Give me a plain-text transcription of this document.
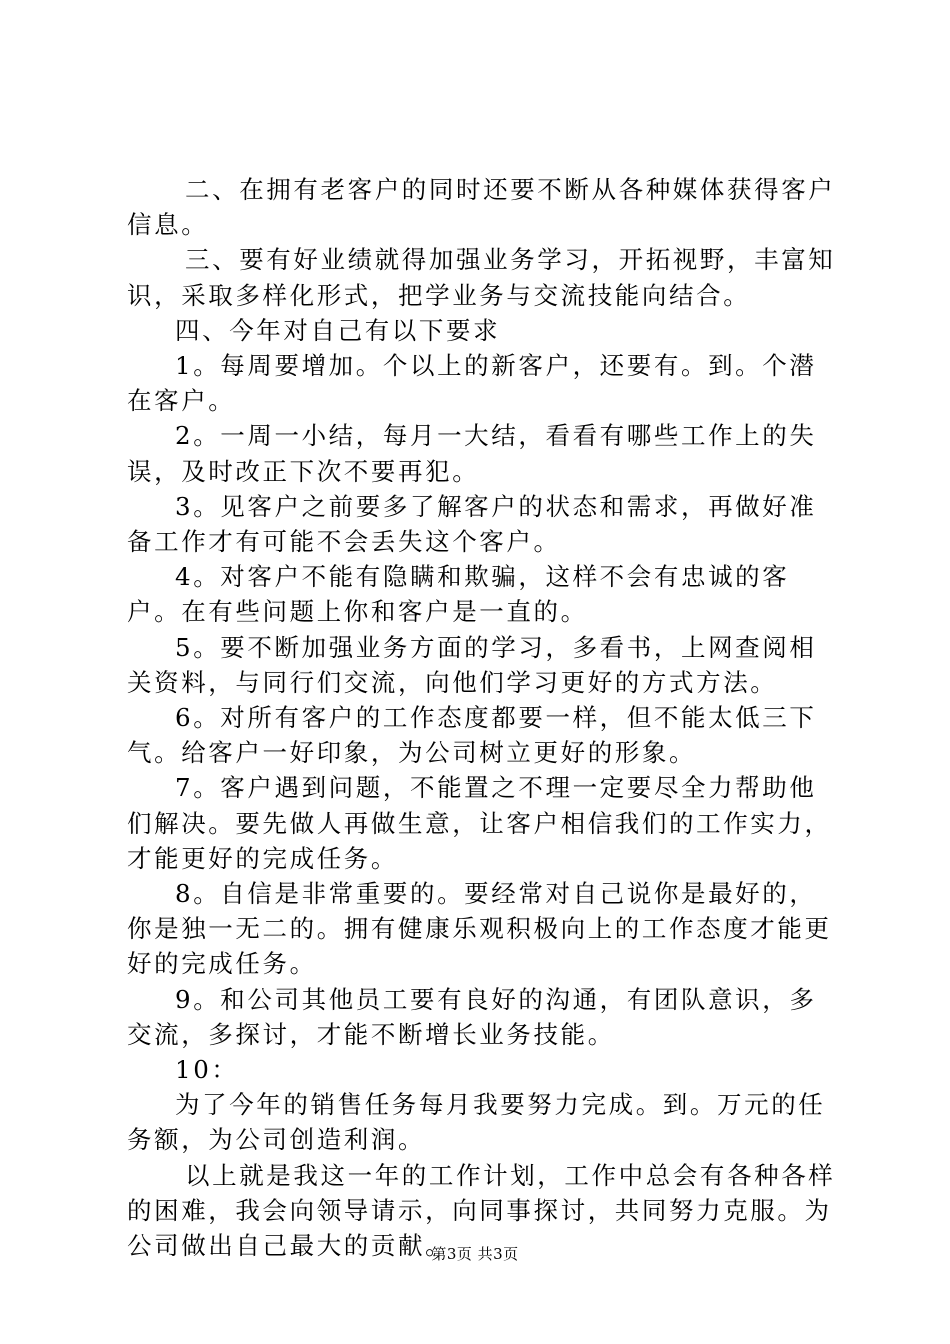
二、在拥有老客户的同时还要不断从各种媒体获得客户信息。

三、要有好业绩就得加强业务学习，开拓视野，丰富知识，采取多样化形式，把学业务与交流技能向结合。

四、今年对自己有以下要求

1。每周要增加。个以上的新客户，还要有。到。个潜在客户。

2。一周一小结，每月一大结，看看有哪些工作上的失误，及时改正下次不要再犯。

3。见客户之前要多了解客户的状态和需求，再做好准备工作才有可能不会丢失这个客户。

4。对客户不能有隐瞒和欺骗，这样不会有忠诚的客户。在有些问题上你和客户是一直的。

5。要不断加强业务方面的学习，多看书，上网查阅相关资料，与同行们交流，向他们学习更好的方式方法。

6。对所有客户的工作态度都要一样，但不能太低三下气。给客户一好印象，为公司树立更好的形象。

7。客户遇到问题，不能置之不理一定要尽全力帮助他们解决。要先做人再做生意，让客户相信我们的工作实力，才能更好的完成任务。

8。自信是非常重要的。要经常对自己说你是最好的，你是独一无二的。拥有健康乐观积极向上的工作态度才能更好的完成任务。

9。和公司其他员工要有良好的沟通，有团队意识，多交流，多探讨，才能不断增长业务技能。

10：

为了今年的销售任务每月我要努力完成。到。万元的任务额，为公司创造利润。

以上就是我这一年的工作计划，工作中总会有各种各样的困难，我会向领导请示，向同事探讨，共同努力克服。为公司做出自己最大的贡献。

第3页 共3页
